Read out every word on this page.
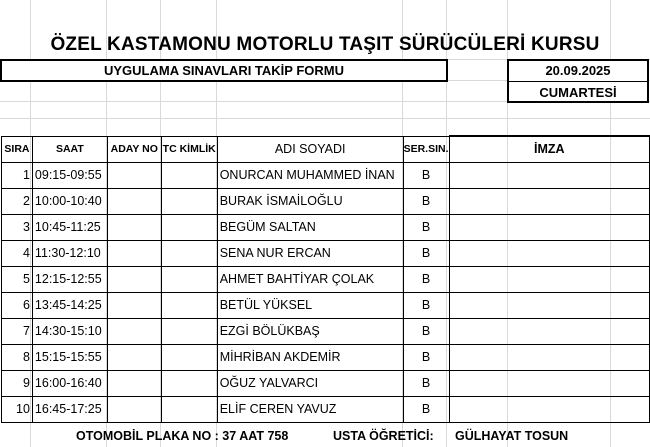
ÖZEL KASTAMONU MOTORLU TAŞIT SÜRÜCÜLERİ KURSU
UYGULAMA SINAVLARI TAKİP FORMU	20.09.2025
CUMARTESİ
SIRA	SAAT	ADAY NO	TC KİMLİK	ADI SOYADI	SER.SIN.	İMZA
1	09:15-09:55			ONURCAN MUHAMMED İNAN	B	
2	10:00-10:40			BURAK İSMAİLOĞLU	B	
3	10:45-11:25			BEGÜM SALTAN	B	
4	11:30-12:10			SENA NUR ERCAN	B	
5	12:15-12:55			AHMET BAHTİYAR ÇOLAK	B	
6	13:45-14:25			BETÜL YÜKSEL	B	
7	14:30-15:10			EZGİ BÖLÜKBAŞ	B	
8	15:15-15:55			MİHRİBAN AKDEMİR	B	
9	16:00-16:40			OĞUZ YALVARCI	B	
10	16:45-17:25			ELİF CEREN YAVUZ	B	
OTOMOBİL PLAKA NO : 37 AAT 758	USTA ÖĞRETİCİ: GÜLHAYAT TOSUN
